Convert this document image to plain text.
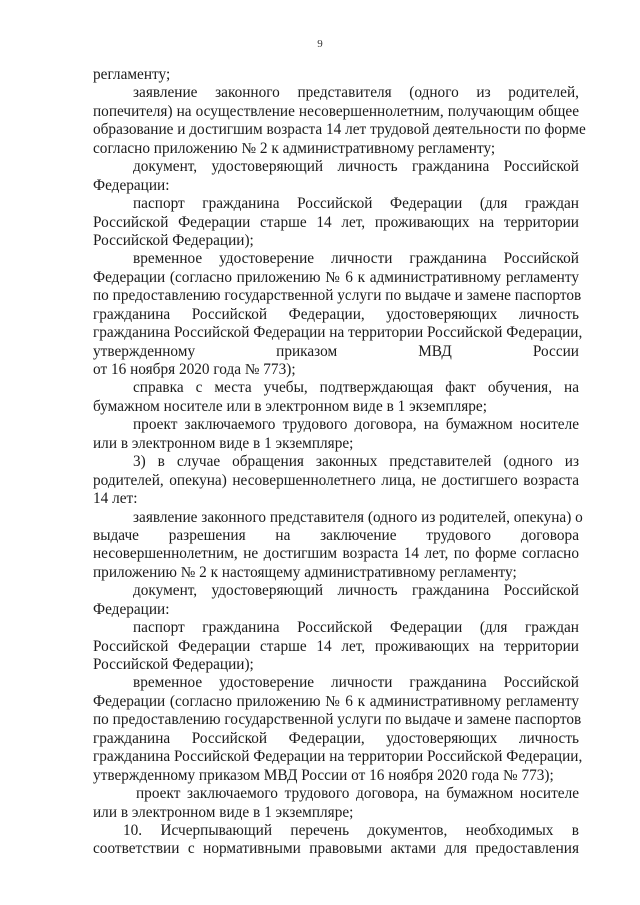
9
регламенту;
заявление законного представителя (одного из родителей,
попечителя) на осуществление несовершеннолетним, получающим общее
образование и достигшим возраста 14 лет трудовой деятельности по форме
согласно приложению № 2 к административному регламенту;
документ, удостоверяющий личность гражданина Российской
Федерации:
паспорт гражданина Российской Федерации (для граждан
Российской Федерации старше 14 лет, проживающих на территории
Российской Федерации);
временное удостоверение личности гражданина Российской
Федерации (согласно приложению № 6 к административному регламенту
по предоставлению государственной услуги по выдаче и замене паспортов
гражданина Российской Федерации, удостоверяющих личность
гражданина Российской Федерации на территории Российской Федерации,
утвержденному приказом МВД России
от 16 ноября 2020 года № 773);
справка с места учебы, подтверждающая факт обучения, на
бумажном носителе или в электронном виде в 1 экземпляре;
проект заключаемого трудового договора, на бумажном носителе
или в электронном виде в 1 экземпляре;
3) в случае обращения законных представителей (одного из
родителей, опекуна) несовершеннолетнего лица, не достигшего возраста
14 лет:
заявление законного представителя (одного из родителей, опекуна) о
выдаче разрешения на заключение трудового договора
несовершеннолетним, не достигшим возраста 14 лет, по форме согласно
приложению № 2 к настоящему административному регламенту;
документ, удостоверяющий личность гражданина Российской
Федерации:
паспорт гражданина Российской Федерации (для граждан
Российской Федерации старше 14 лет, проживающих на территории
Российской Федерации);
временное удостоверение личности гражданина Российской
Федерации (согласно приложению № 6 к административному регламенту
по предоставлению государственной услуги по выдаче и замене паспортов
гражданина Российской Федерации, удостоверяющих личность
гражданина Российской Федерации на территории Российской Федерации,
утвержденному приказом МВД России от 16 ноября 2020 года № 773);
проект заключаемого трудового договора, на бумажном носителе
или в электронном виде в 1 экземпляре;
10. Исчерпывающий перечень документов, необходимых в
соответствии с нормативными правовыми актами для предоставления
